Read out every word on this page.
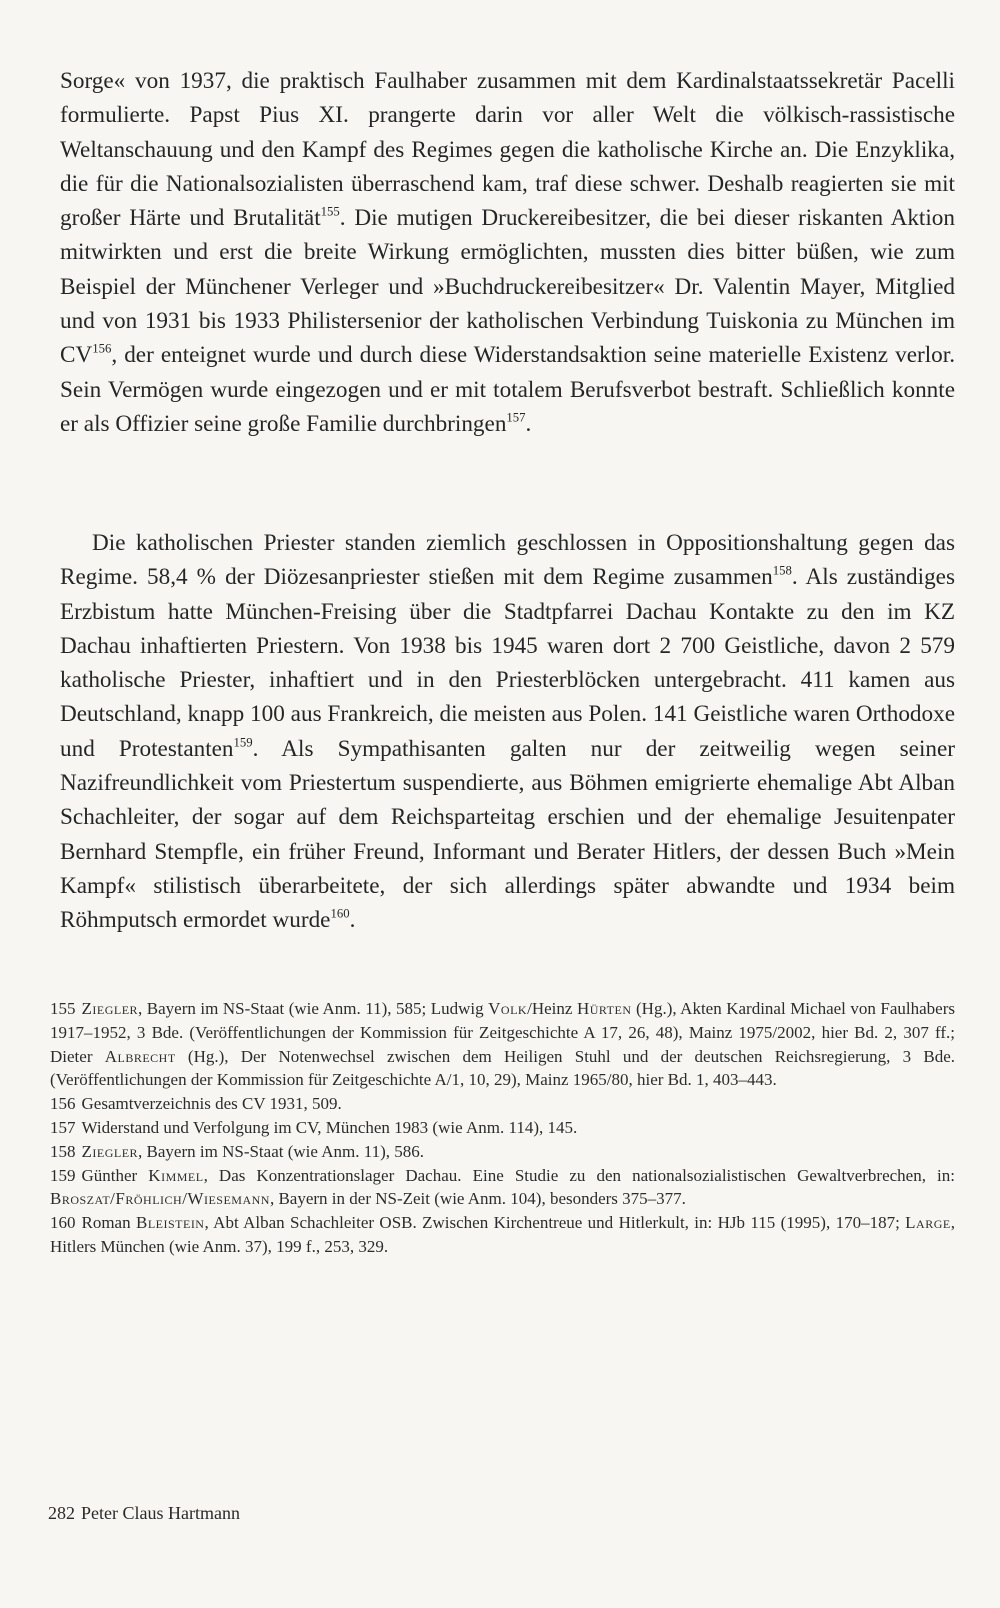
Sorge« von 1937, die praktisch Faulhaber zusammen mit dem Kardinalstaatssekretär Pacelli formulierte. Papst Pius XI. prangerte darin vor aller Welt die völkisch-rassistische Weltanschauung und den Kampf des Regimes gegen die katholische Kirche an. Die Enzyklika, die für die Nationalsozialisten überraschend kam, traf diese schwer. Deshalb reagierten sie mit großer Härte und Brutalität$^{155}$. Die mutigen Druckereibesitzer, die bei dieser riskanten Aktion mitwirkten und erst die breite Wirkung ermöglichten, mussten dies bitter büßen, wie zum Beispiel der Münchener Verleger und »Buchdruckereibesitzer« Dr. Valentin Mayer, Mitglied und von 1931 bis 1933 Philistersenior der katholischen Verbindung Tuiskonia zu München im CV$^{156}$, der enteignet wurde und durch diese Widerstandsaktion seine materielle Existenz verlor. Sein Vermögen wurde eingezogen und er mit totalem Berufsverbot bestraft. Schließlich konnte er als Offizier seine große Familie durchbringen$^{157}$.

Die katholischen Priester standen ziemlich geschlossen in Oppositionshaltung gegen das Regime. 58,4 % der Diözesanpriester stießen mit dem Regime zusammen$^{158}$. Als zuständiges Erzbistum hatte München-Freising über die Stadtpfarrei Dachau Kontakte zu den im KZ Dachau inhaftierten Priestern. Von 1938 bis 1945 waren dort 2 700 Geistliche, davon 2 579 katholische Priester, inhaftiert und in den Priesterblöcken untergebracht. 411 kamen aus Deutschland, knapp 100 aus Frankreich, die meisten aus Polen. 141 Geistliche waren Orthodoxe und Protestanten$^{159}$. Als Sympathisanten galten nur der zeitweilig wegen seiner Nazifreundlichkeit vom Priestertum suspendierte, aus Böhmen emigrierte ehemalige Abt Alban Schachleiter, der sogar auf dem Reichsparteitag erschien und der ehemalige Jesuitenpater Bernhard Stempfle, ein früher Freund, Informant und Berater Hitlers, der dessen Buch »Mein Kampf« stilistisch überarbeitete, der sich allerdings später abwandte und 1934 beim Röhmputsch ermordet wurde$^{160}$.

155 Ziegler, Bayern im NS-Staat (wie Anm. 11), 585; Ludwig Volk/Heinz Hürten (Hg.), Akten Kardinal Michael von Faulhabers 1917–1952, 3 Bde. (Veröffentlichungen der Kommission für Zeitgeschichte A 17, 26, 48), Mainz 1975/2002, hier Bd. 2, 307 ff.; Dieter Albrecht (Hg.), Der Notenwechsel zwischen dem Heiligen Stuhl und der deutschen Reichsregierung, 3 Bde. (Veröffentlichungen der Kommission für Zeitgeschichte A/1, 10, 29), Mainz 1965/80, hier Bd. 1, 403–443.

156 Gesamtverzeichnis des CV 1931, 509.

157 Widerstand und Verfolgung im CV, München 1983 (wie Anm. 114), 145.

158 Ziegler, Bayern im NS-Staat (wie Anm. 11), 586.

159 Günther Kimmel, Das Konzentrationslager Dachau. Eine Studie zu den nationalsozialistischen Gewaltverbrechen, in: Broszat/Fröhlich/Wiesemann, Bayern in der NS-Zeit (wie Anm. 104), besonders 375–377.

160 Roman Bleistein, Abt Alban Schachleiter OSB. Zwischen Kirchentreue und Hitlerkult, in: HJb 115 (1995), 170–187; Large, Hitlers München (wie Anm. 37), 199 f., 253, 329.

282 Peter Claus Hartmann
